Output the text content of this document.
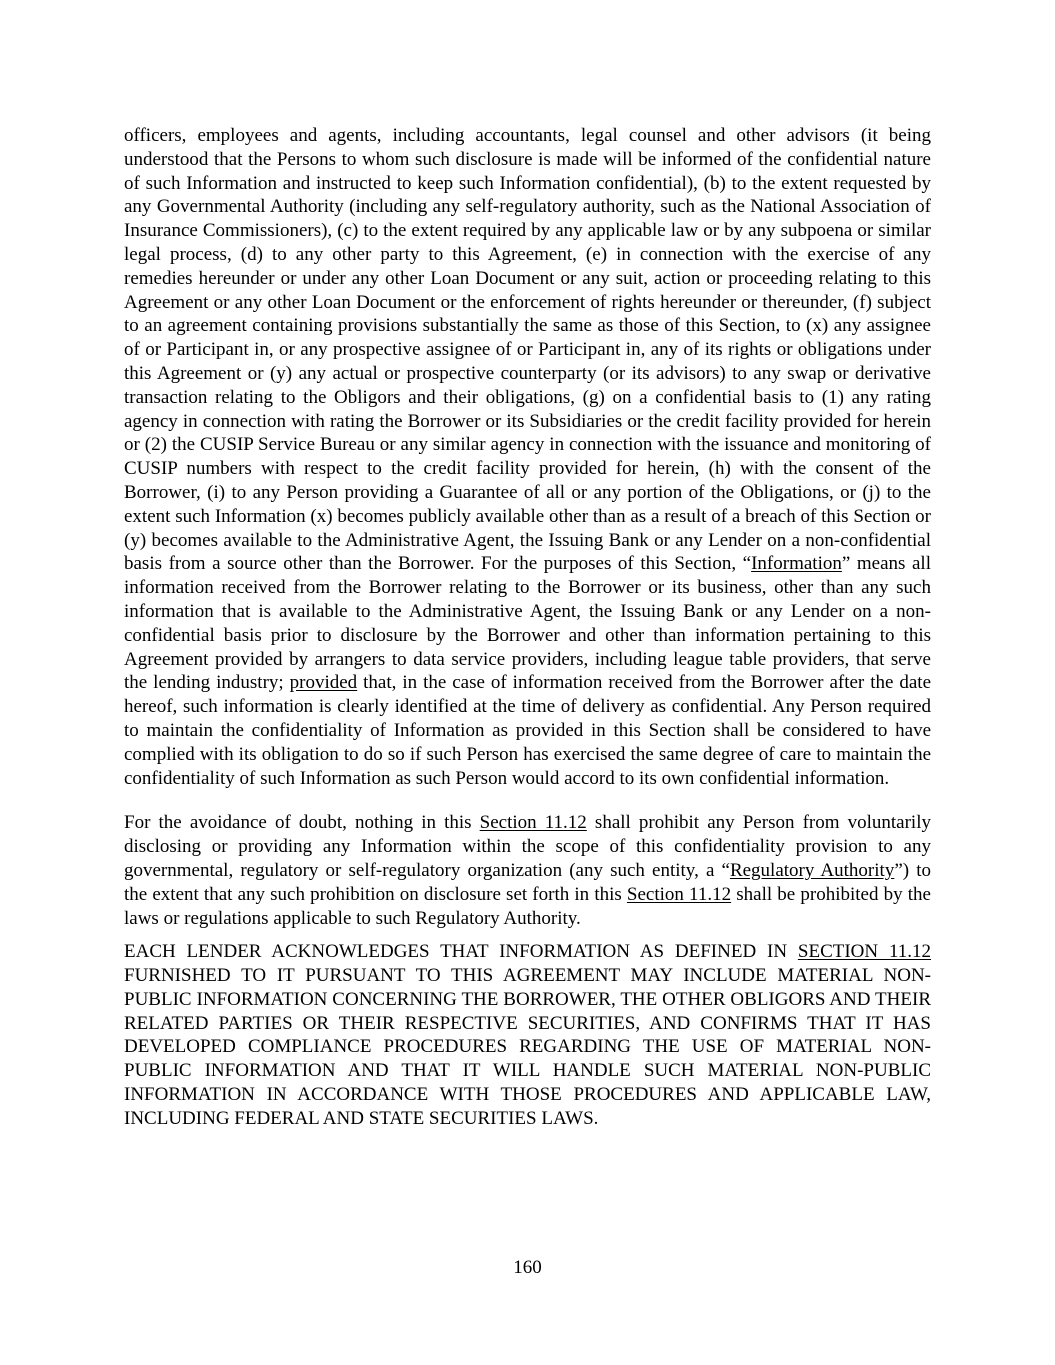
officers, employees and agents, including accountants, legal counsel and other advisors (it being understood that the Persons to whom such disclosure is made will be informed of the confidential nature of such Information and instructed to keep such Information confidential), (b) to the extent requested by any Governmental Authority (including any self-regulatory authority, such as the National Association of Insurance Commissioners), (c) to the extent required by any applicable law or by any subpoena or similar legal process, (d) to any other party to this Agreement, (e) in connection with the exercise of any remedies hereunder or under any other Loan Document or any suit, action or proceeding relating to this Agreement or any other Loan Document or the enforcement of rights hereunder or thereunder, (f) subject to an agreement containing provisions substantially the same as those of this Section, to (x) any assignee of or Participant in, or any prospective assignee of or Participant in, any of its rights or obligations under this Agreement or (y) any actual or prospective counterparty (or its advisors) to any swap or derivative transaction relating to the Obligors and their obligations, (g) on a confidential basis to (1) any rating agency in connection with rating the Borrower or its Subsidiaries or the credit facility provided for herein or (2) the CUSIP Service Bureau or any similar agency in connection with the issuance and monitoring of CUSIP numbers with respect to the credit facility provided for herein, (h) with the consent of the Borrower, (i) to any Person providing a Guarantee of all or any portion of the Obligations, or (j) to the extent such Information (x) becomes publicly available other than as a result of a breach of this Section or (y) becomes available to the Administrative Agent, the Issuing Bank or any Lender on a non-confidential basis from a source other than the Borrower. For the purposes of this Section, “Information” means all information received from the Borrower relating to the Borrower or its business, other than any such information that is available to the Administrative Agent, the Issuing Bank or any Lender on a non-confidential basis prior to disclosure by the Borrower and other than information pertaining to this Agreement provided by arrangers to data service providers, including league table providers, that serve the lending industry; provided that, in the case of information received from the Borrower after the date hereof, such information is clearly identified at the time of delivery as confidential. Any Person required to maintain the confidentiality of Information as provided in this Section shall be considered to have complied with its obligation to do so if such Person has exercised the same degree of care to maintain the confidentiality of such Information as such Person would accord to its own confidential information.

For the avoidance of doubt, nothing in this Section 11.12 shall prohibit any Person from voluntarily disclosing or providing any Information within the scope of this confidentiality provision to any governmental, regulatory or self-regulatory organization (any such entity, a “Regulatory Authority”) to the extent that any such prohibition on disclosure set forth in this Section 11.12 shall be prohibited by the laws or regulations applicable to such Regulatory Authority.

EACH LENDER ACKNOWLEDGES THAT INFORMATION AS DEFINED IN SECTION 11.12 FURNISHED TO IT PURSUANT TO THIS AGREEMENT MAY INCLUDE MATERIAL NON-PUBLIC INFORMATION CONCERNING THE BORROWER, THE OTHER OBLIGORS AND THEIR RELATED PARTIES OR THEIR RESPECTIVE SECURITIES, AND CONFIRMS THAT IT HAS DEVELOPED COMPLIANCE PROCEDURES REGARDING THE USE OF MATERIAL NON-PUBLIC INFORMATION AND THAT IT WILL HANDLE SUCH MATERIAL NON-PUBLIC INFORMATION IN ACCORDANCE WITH THOSE PROCEDURES AND APPLICABLE LAW, INCLUDING FEDERAL AND STATE SECURITIES LAWS.

160
